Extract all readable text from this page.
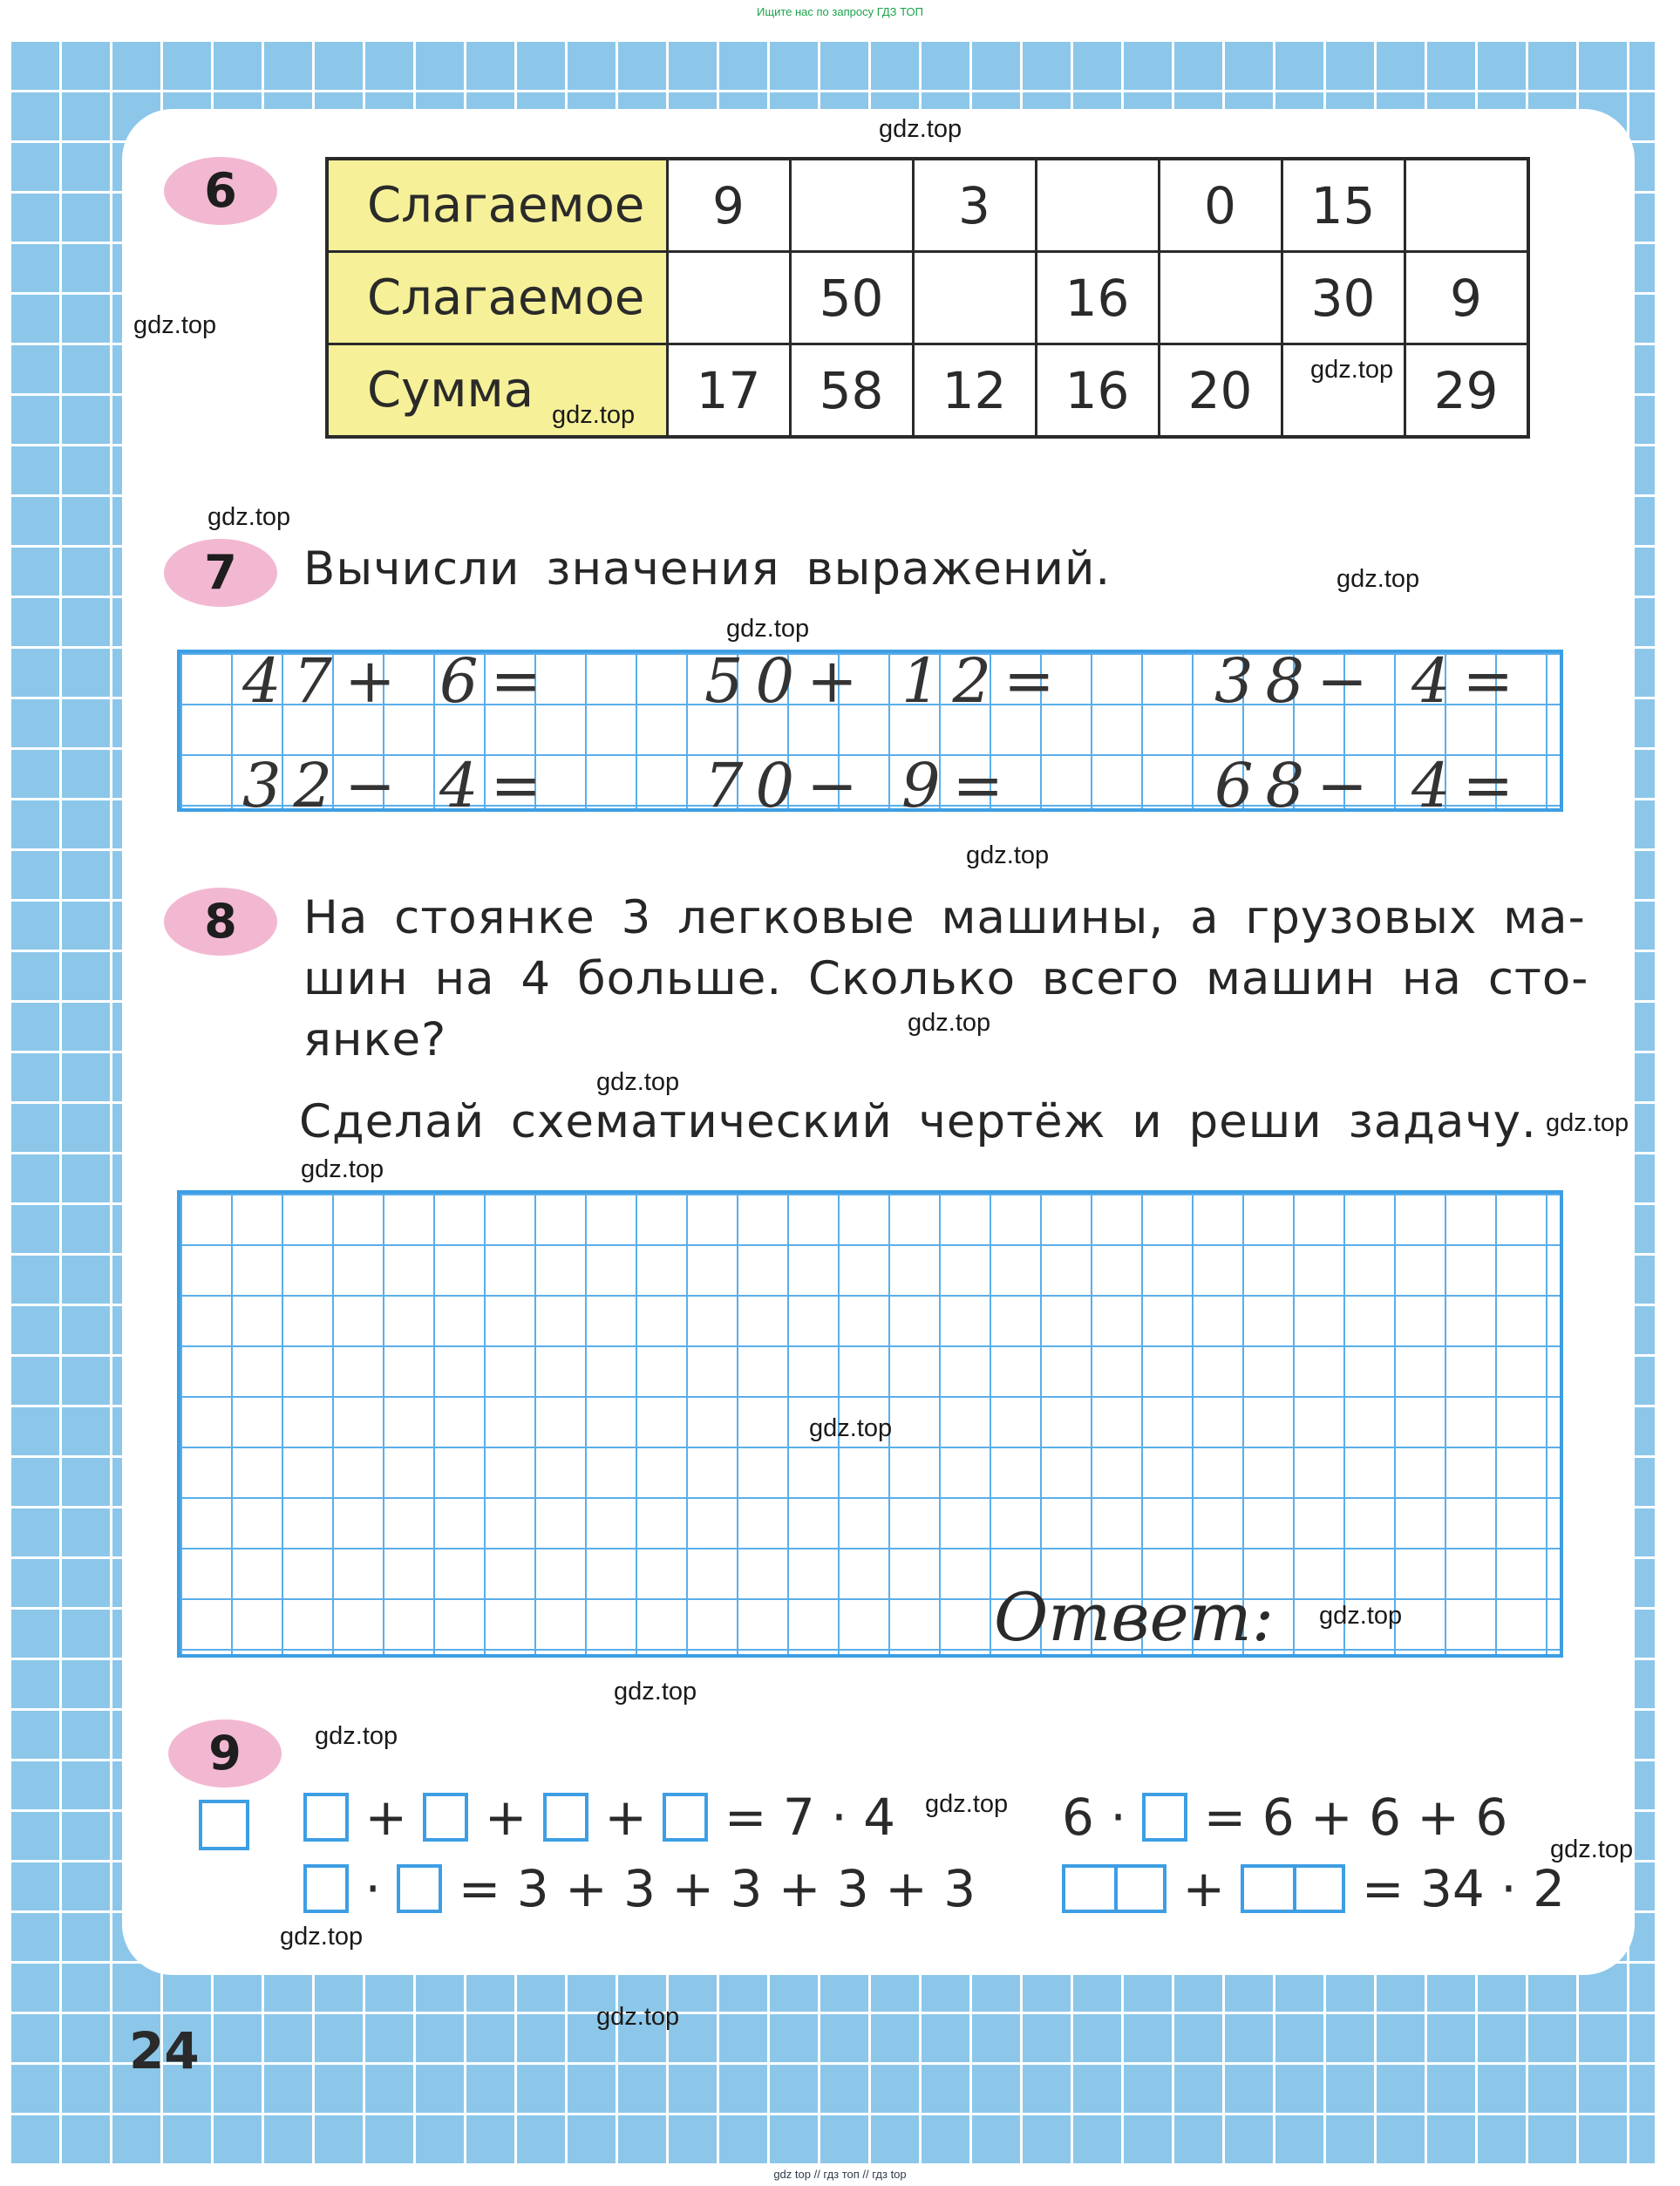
Ищите нас по запросу ГДЗ ТОП
6	Слагаемое	9		3		0	15	
Слагаемое		50		16		30	9
Сумма	17	58	12	16	20		29
7	Вычисли значения выражений.
47+ 6= 50+ 12= 38− 4=
32− 4= 70− 9=	68− 4=
8	На стоянке 3 легковые машины, а грузовых ма-
шин на 4 больше. Сколько всего машин на сто-
янке?
Сделай схематический чертёж и реши задачу.
Ответ:
9
+ + + = 7 · 4
· = 3 + 3 + 3 + 3 + 3
6 · = 6 + 6 + 6
+	= 34 · 2
24
gdz.top
gdz.top
gdz.top
gdz.top
gdz.top
gdz.top
gdz.top
gdz.top
gdz.top
gdz.top
gdz.top
gdz.top
gdz.top
gdz.top
gdz.top
gdz.top
gdz.top
gdz.top
gdz.top
gdz.top
gdz top // гдз топ // гдз top
